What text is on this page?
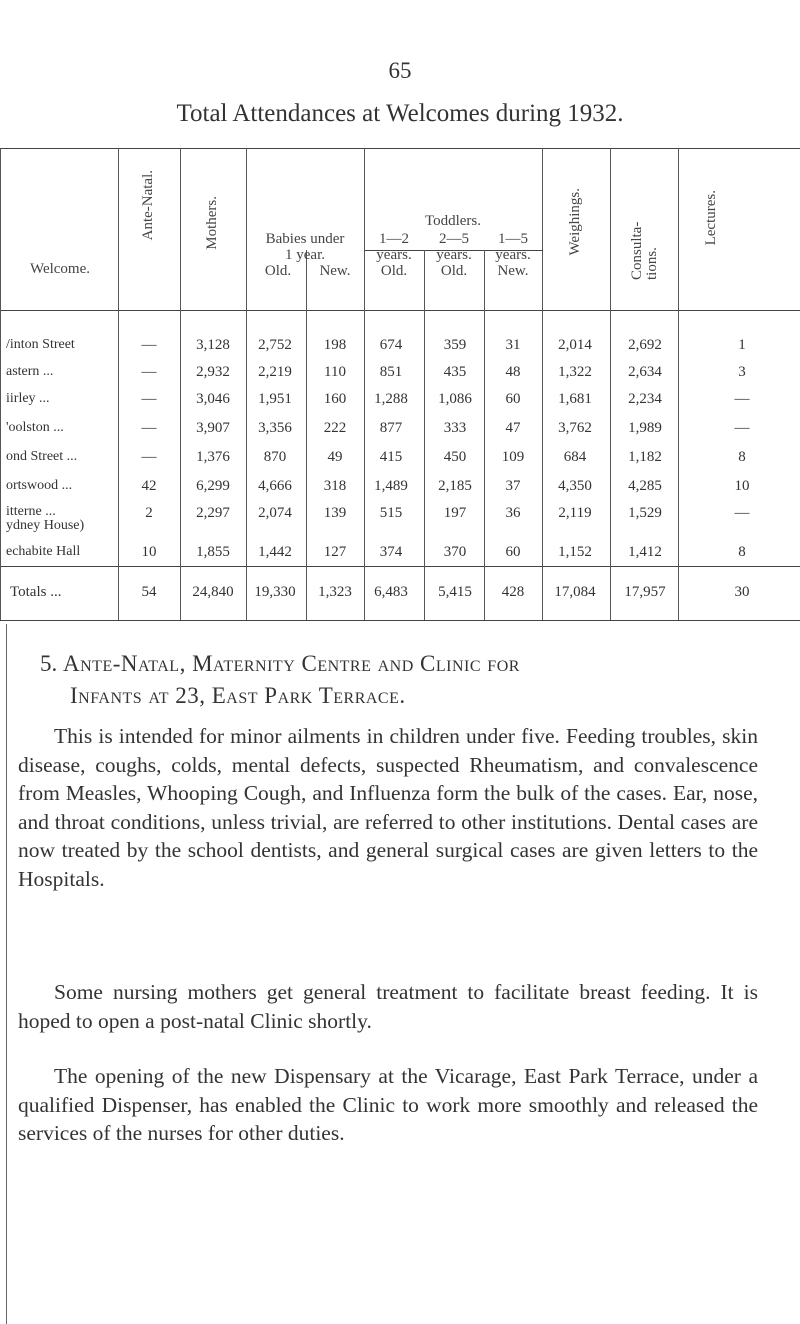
65
Total Attendances at Welcomes during 1932.
Welcome.
Ante-Natal.	Mothers.	Babies under
1 year.
Old.	New.
Toddlers.
1—2	2—5	1—5
years.	years.	years.
Old.	Old.	New.
Weighings.	Consulta-tions.
Lectures.
/inton Street	—	3,128	2,752	198	674	359	31	2,014	2,692	1
astern ...	—	2,932	2,219	110	851	435	48	1,322	2,634	3
iirley ...	—	3,046	1,951	160	1,288	1,086	60	1,681	2,234	—
'oolston ...	—	3,907	3,356	222	877	333	47	3,762	1,989	—
ond Street ...	—	1,376	870	49	415	450	109	684	1,182	8
ortswood ...	42	6,299	4,666	318	1,489	2,185	37	4,350	4,285	10
itterne ...
ydney House)
2	2,297	2,074	139	515	197	36	2,119	1,529	—
echabite Hall	10	1,855	1,442	127	374	370	60	1,152	1,412	8
Totals ...	54	24,840	19,330	1,323	6,483	5,415	428	17,084	17,957	30
5. Ante-Natal, Maternity Centre and Clinic for
Infants at 23, East Park Terrace.

This is intended for minor ailments in children under five. Feeding troubles, skin disease, coughs, colds, mental defects, suspected Rheumatism, and convalescence from Measles, Whooping Cough, and Influenza form the bulk of the cases. Ear, nose, and throat conditions, unless trivial, are referred to other institutions. Dental cases are now treated by the school dentists, and general surgical cases are given letters to the Hospitals.

Some nursing mothers get general treatment to facilitate breast feeding. It is hoped to open a post-natal Clinic shortly.

The opening of the new Dispensary at the Vicarage, East Park Terrace, under a qualified Dispenser, has enabled the Clinic to work more smoothly and released the services of the nurses for other duties.
